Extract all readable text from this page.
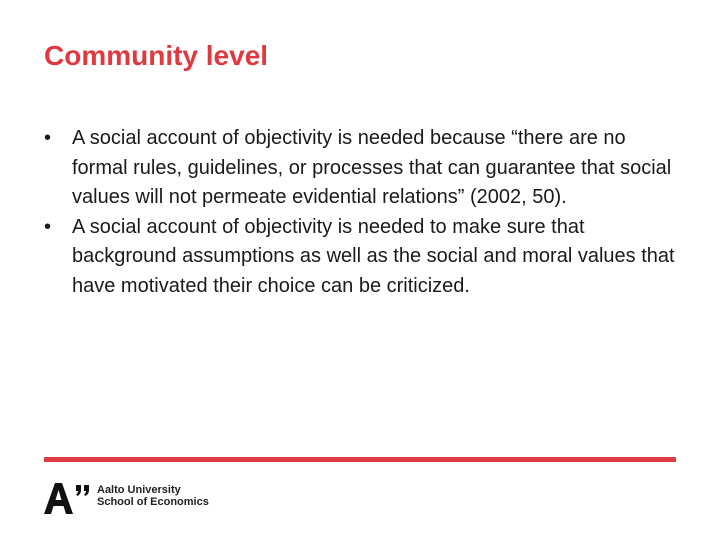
Community level
• A social account of objectivity is needed because “there are no formal rules, guidelines, or processes that can guarantee that social values will not permeate evidential relations” (2002, 50).
• A social account of objectivity is needed to make sure that background assumptions as well as the social and moral values that have motivated their choice can be criticized.
Aalto University
School of Economics
